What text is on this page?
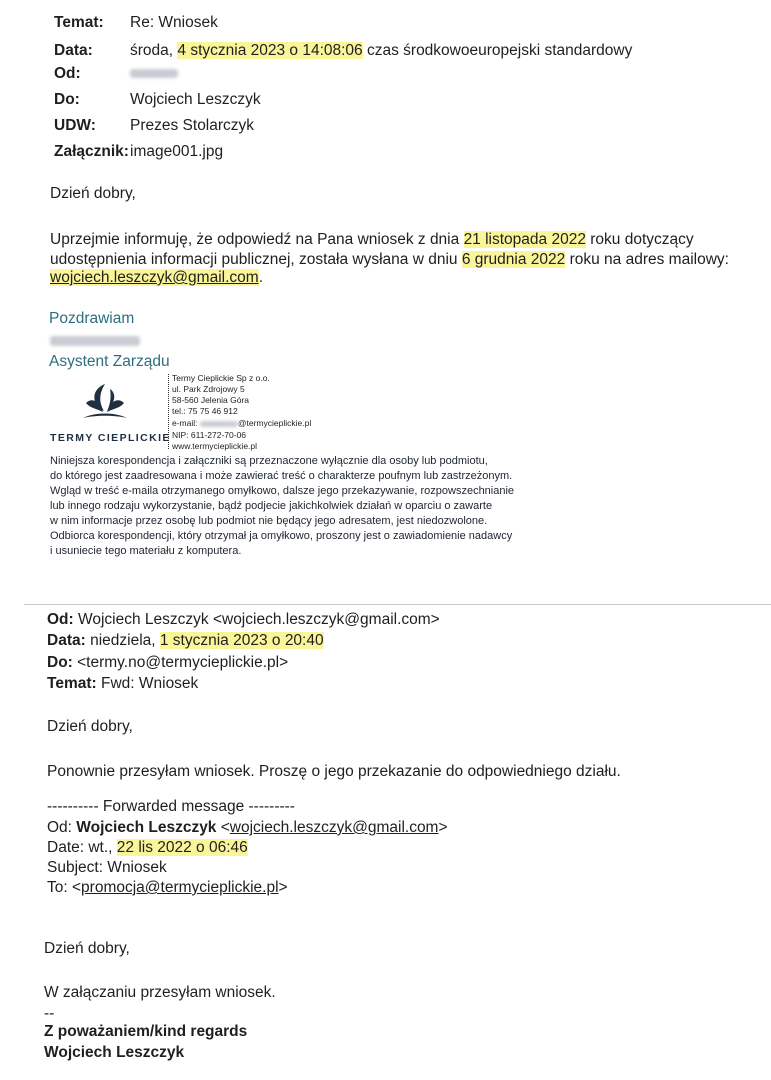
Temat: Re: Wniosek
Data: środa, 4 stycznia 2023 o 14:08:06 czas środkowoeuropejski standardowy
Od:
Do:	Wojciech Leszczyk
UDW: Prezes Stolarczyk
Załącznik: image001.jpg
Dzień dobry,
Uprzejmie informuję, że odpowiedź na Pana wniosek z dnia 21 listopada 2022 roku dotyczący
udostępnienia informacji publicznej, została wysłana w dniu 6 grudnia 2022 roku na adres mailowy:
wojciech.leszczyk@gmail.com.
Pozdrawiam
Asystent Zarządu
TERMY CIEPLICKIE
Termy Cieplickie Sp z o.o.
ul. Park Zdrojowy 5
58-560 Jelenia Góra
tel.: 75 75 46 912
e-mail:	@termycieplickie.pl
NIP: 611-272-70-06
www.termycieplickie.pl
Niniejsza korespondencja i załączniki są przeznaczone wyłącznie dla osoby lub podmiotu,
do którego jest zaadresowana i może zawierać treść o charakterze poufnym lub zastrzeżonym.
Wgląd w treść e-maila otrzymanego omyłkowo, dalsze jego przekazywanie, rozpowszechnianie
lub innego rodzaju wykorzystanie, bądź podjecie jakichkolwiek działań w oparciu o zawarte
w nim informacje przez osobę lub podmiot nie będący jego adresatem, jest niedozwolone.
Odbiorca korespondencji, który otrzymał ja omyłkowo, proszony jest o zawiadomienie nadawcy
i usuniecie tego materiału z komputera.
Od: Wojciech Leszczyk <wojciech.leszczyk@gmail.com>
Data: niedziela, 1 stycznia 2023 o 20:40
Do: <termy.no@termycieplickie.pl>
Temat: Fwd: Wniosek
Dzień dobry,
Ponownie przesyłam wniosek. Proszę o jego przekazanie do odpowiedniego działu.
---------- Forwarded message ---------
Od: Wojciech Leszczyk <wojciech.leszczyk@gmail.com>
Date: wt., 22 lis 2022 o 06:46
Subject: Wniosek
To: <promocja@termycieplickie.pl>
Dzień dobry,
W załączaniu przesyłam wniosek.
--
Z poważaniem/kind regards
Wojciech Leszczyk
